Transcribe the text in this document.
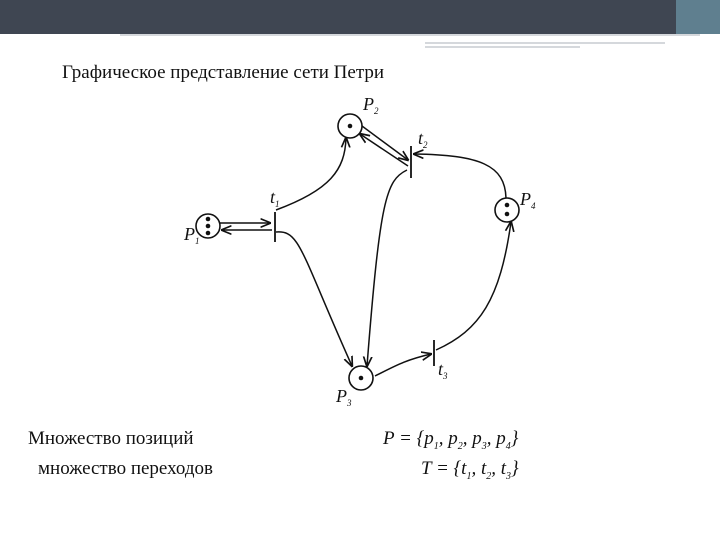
Графическое представление сети Петри
$P_1$
$P_2$
$P_3$
$P_4$
$t_1$
$t_2$
$t_3$
Множество позиций
множество переходов
$P = \{p_1$, $p_2$, $p_3$, $p_4$}
$T = \{t_1$, $t_2$, $t_3$}
